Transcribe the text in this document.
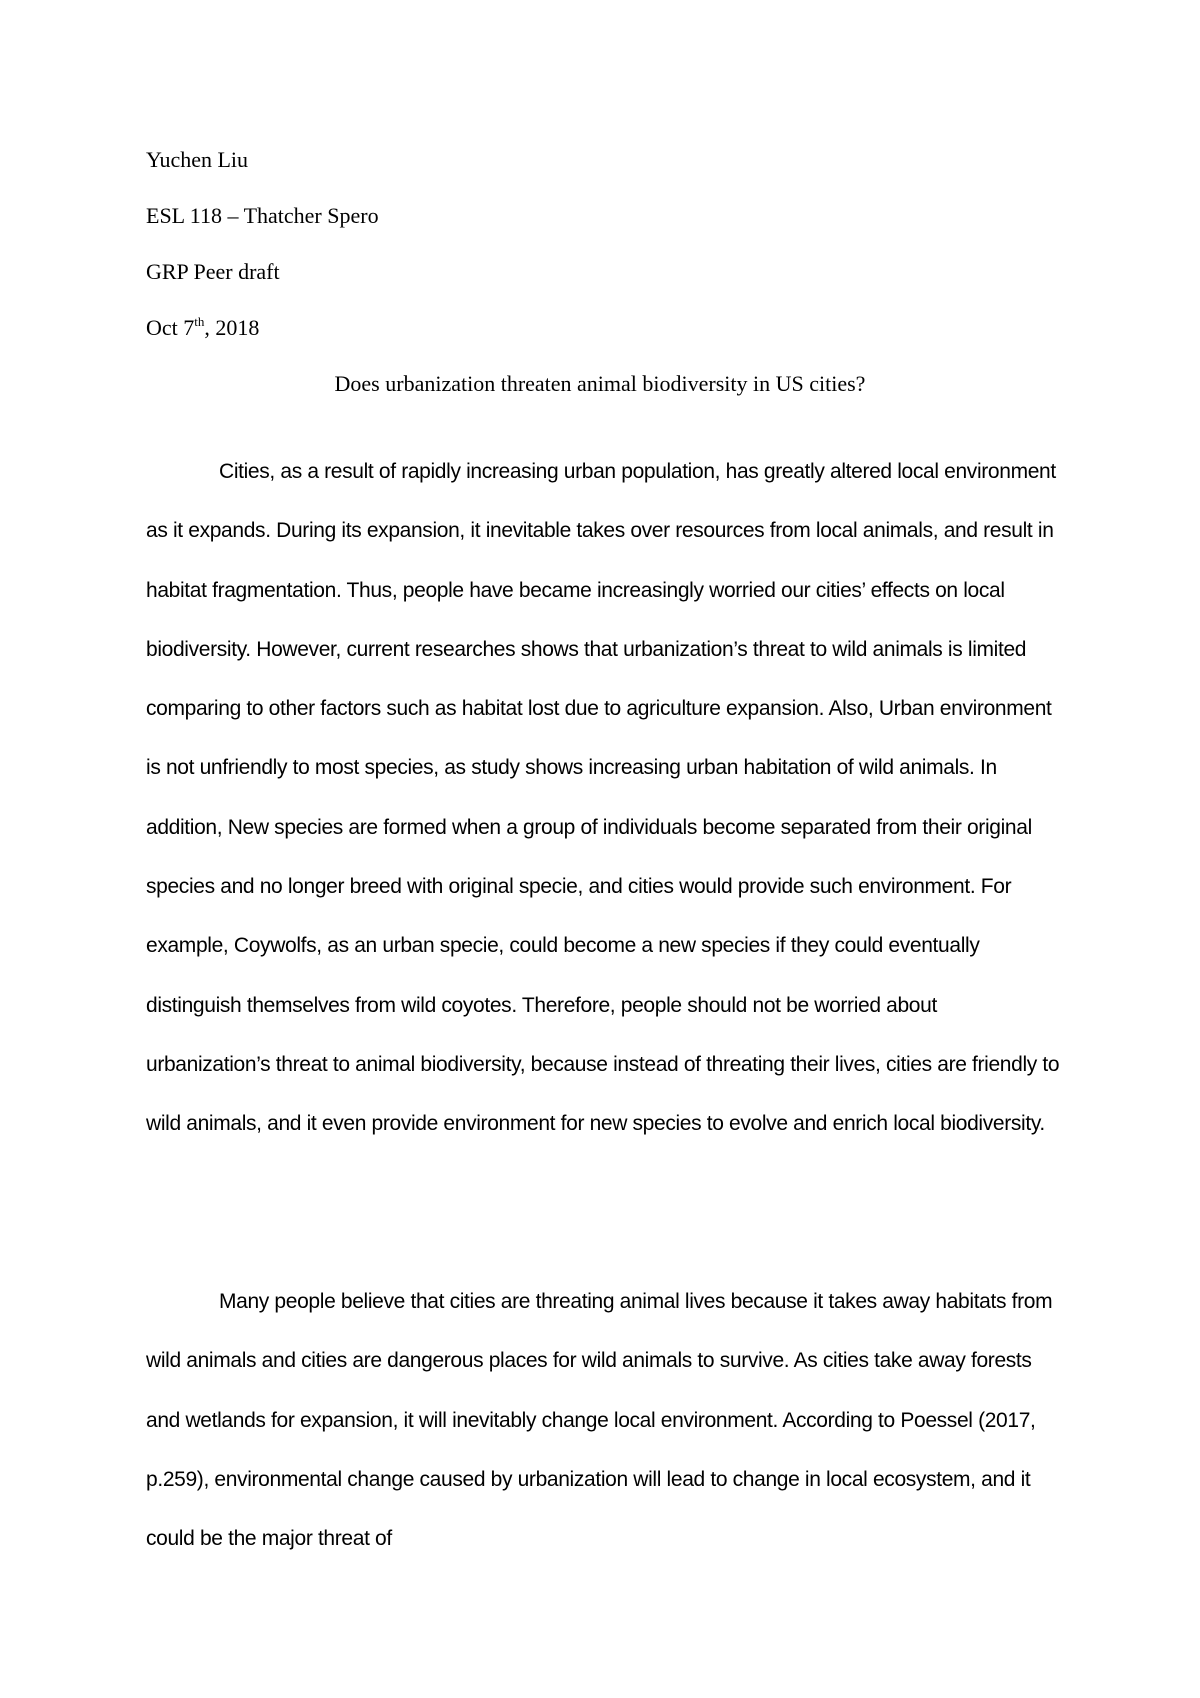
Yuchen Liu
ESL 118 – Thatcher Spero
GRP Peer draft
Oct 7th, 2018
Does urbanization threaten animal biodiversity in US cities?

Cities, as a result of rapidly increasing urban population, has greatly altered local environment as it expands. During its expansion, it inevitable takes over resources from local animals, and result in habitat fragmentation. Thus, people have became increasingly worried our cities’ effects on local biodiversity. However, current researches shows that urbanization’s threat to wild animals is limited comparing to other factors such as habitat lost due to agriculture expansion. Also, Urban environment is not unfriendly to most species, as study shows increasing urban habitation of wild animals. In addition, New species are formed when a group of individuals become separated from their original species and no longer breed with original specie, and cities would provide such environment. For example, Coywolfs, as an urban specie, could become a new species if they could eventually distinguish themselves from wild coyotes. Therefore, people should not be worried about urbanization’s threat to animal biodiversity, because instead of threating their lives, cities are friendly to wild animals, and it even provide environment for new species to evolve and enrich local biodiversity.

Many people believe that cities are threating animal lives because it takes away habitats from wild animals and cities are dangerous places for wild animals to survive. As cities take away forests and wetlands for expansion, it will inevitably change local environment. According to Poessel (2017, p.259), environmental change caused by urbanization will lead to change in local ecosystem, and it could be the major threat of
